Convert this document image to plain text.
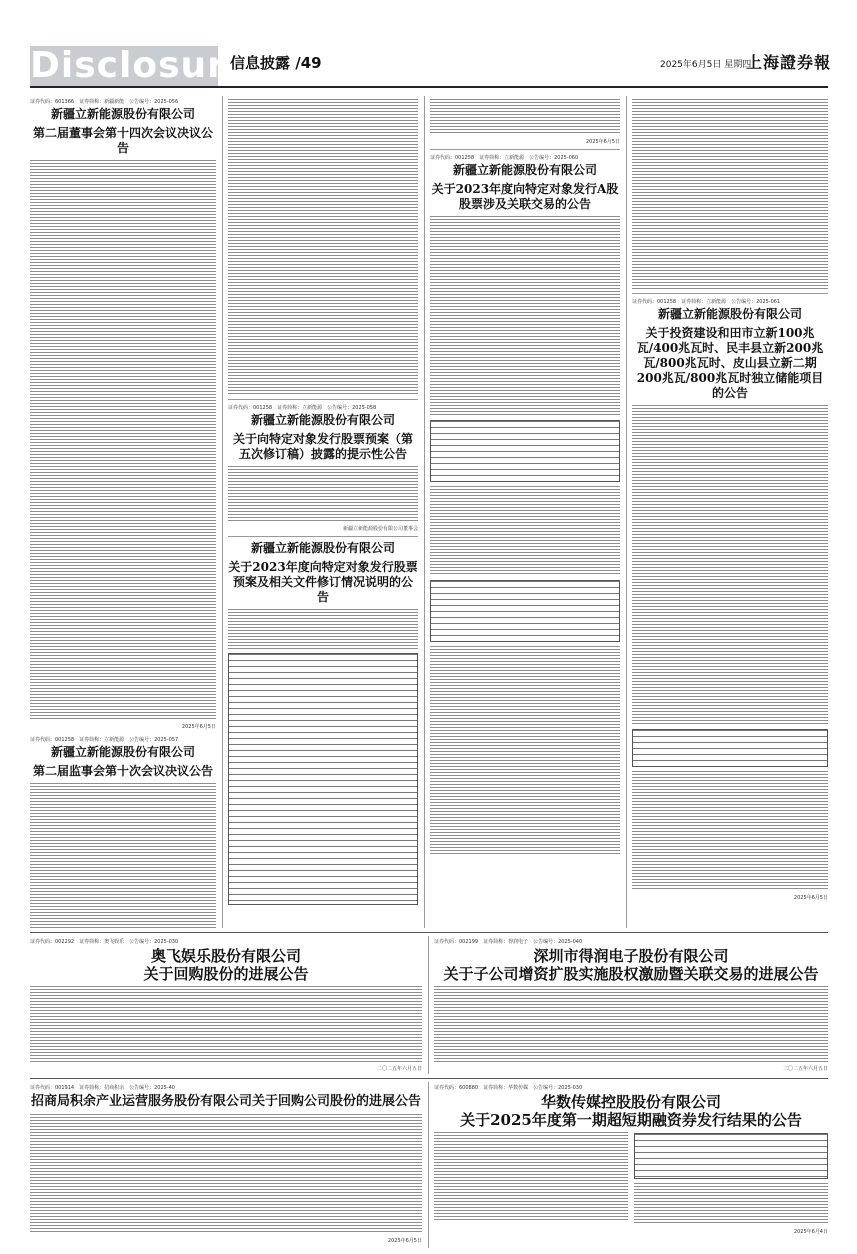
Disclosure
信息披露 /49	2025年6月5日 星期四
上海證券報
证券代码：601366　证券简称：新疆新能　公告编号：2025-056
新疆立新能源股份有限公司
第二届董事会第十四次会议决议公告
2025年6月5日
证券代码：001258　证券简称：立新能源　公告编号：2025-057
新疆立新能源股份有限公司
第二届监事会第十次会议决议公告
证券代码：001258　证券简称：立新能源　公告编号：2025-058
新疆立新能源股份有限公司
关于向特定对象发行股票预案（第五次修订稿）披露的提示性公告
新疆立新能源股份有限公司董事会
新疆立新能源股份有限公司
关于2023年度向特定对象发行股票预案及相关文件修订情况说明的公告
2025年6月5日
证券代码：001258　证券简称：立新能源　公告编号：2025-060
新疆立新能源股份有限公司
关于2023年度向特定对象发行A股股票涉及关联交易的公告
证券代码：001258　证券简称：立新能源　公告编号：2025-061
新疆立新能源股份有限公司
关于投资建设和田市立新100兆瓦/400兆瓦时、民丰县立新200兆瓦/800兆瓦时、皮山县立新二期200兆瓦/800兆瓦时独立储能项目的公告
2025年6月5日
证券代码：002292　证券简称：奥飞娱乐　公告编号：2025-030
奥飞娱乐股份有限公司
关于回购股份的进展公告
二〇二五年六月五日
证券代码：002199　证券简称：得润电子　公告编号：2025-040
深圳市得润电子股份有限公司
关于子公司增资扩股实施股权激励暨关联交易的进展公告
二〇二五年六月五日
证券代码：001914　证券简称：招商积余　公告编号：2025-40
招商局积余产业运营服务股份有限公司关于回购公司股份的进展公告
2025年6月5日
证券代码：600880　证券简称：华数传媒　公告编号：2025-030
华数传媒控股股份有限公司
关于2025年度第一期超短期融资券发行结果的公告
2025年6月4日
